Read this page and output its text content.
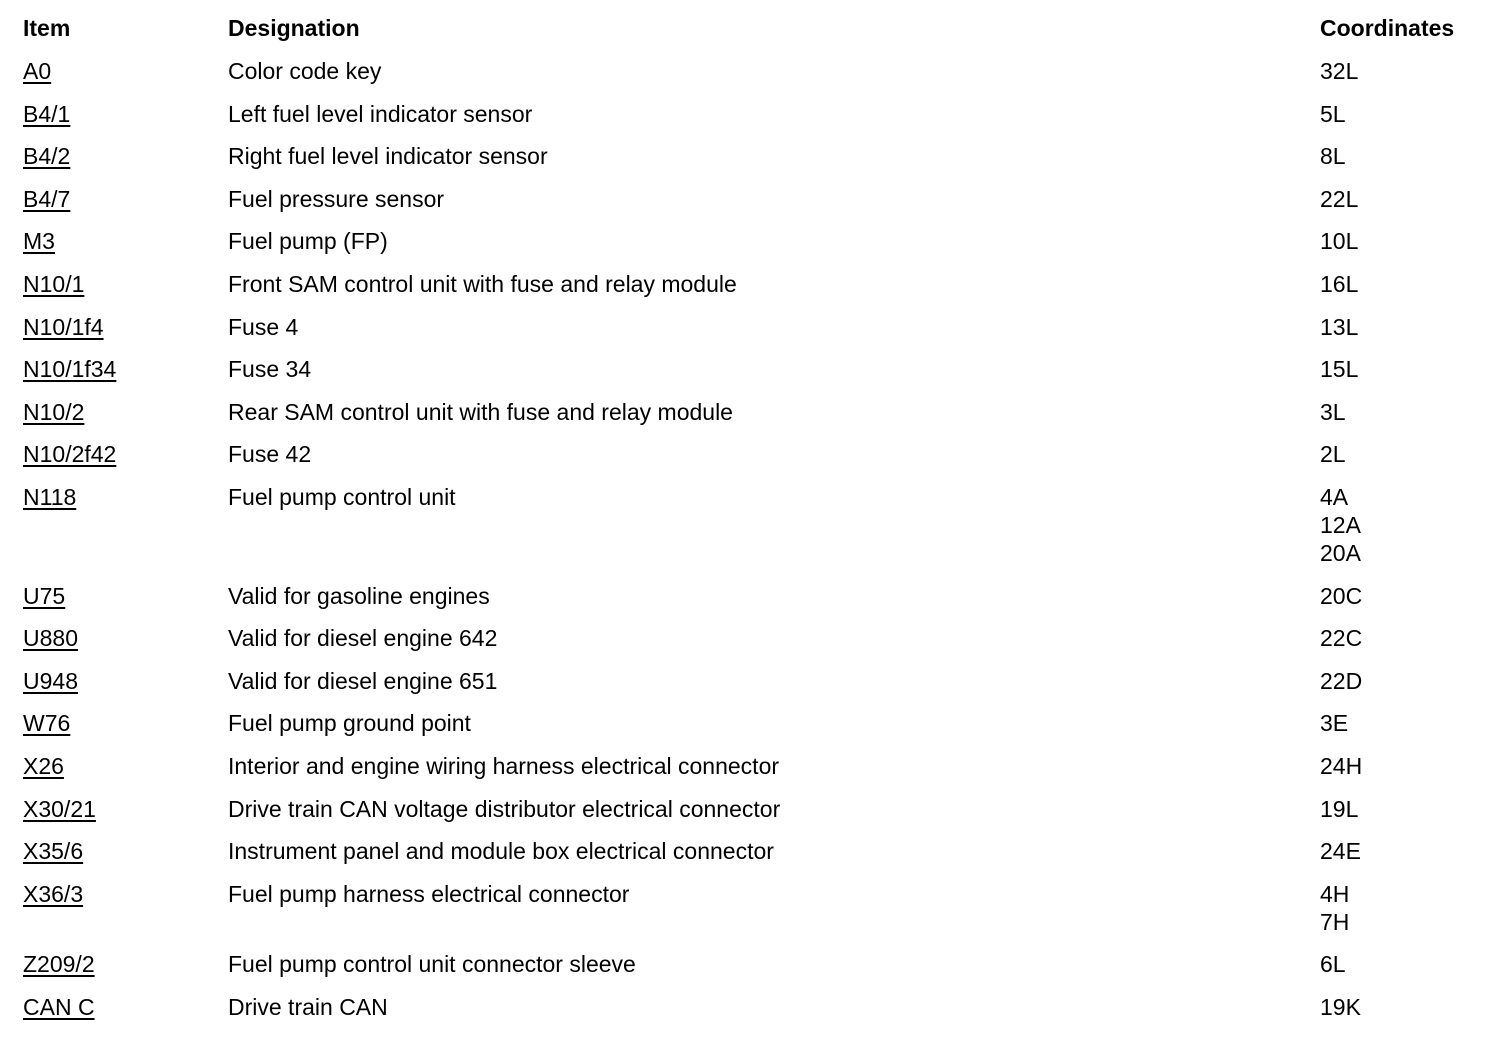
Item	Designation	Coordinates
A0	Color code key	32L

B4/1	Left fuel level indicator sensor	5L

B4/2	Right fuel level indicator sensor	8L

B4/7	Fuel pressure sensor	22L

M3	Fuel pump (FP)	10L

N10/1	Front SAM control unit with fuse and relay module	16L

N10/1f4	Fuse 4	13L

N10/1f34	Fuse 34	15L

N10/2	Rear SAM control unit with fuse and relay module	3L

N10/2f42	Fuse 42	2L

N118	Fuel pump control unit	4A
12A
20A

U75	Valid for gasoline engines	20C

U880	Valid for diesel engine 642	22C

U948	Valid for diesel engine 651	22D

W76	Fuel pump ground point	3E

X26	Interior and engine wiring harness electrical connector	24H

X30/21	Drive train CAN voltage distributor electrical connector	19L

X35/6	Instrument panel and module box electrical connector	24E

X36/3	Fuel pump harness electrical connector	4H
7H

Z209/2	Fuel pump control unit connector sleeve	6L

CAN C	Drive train CAN	19K
